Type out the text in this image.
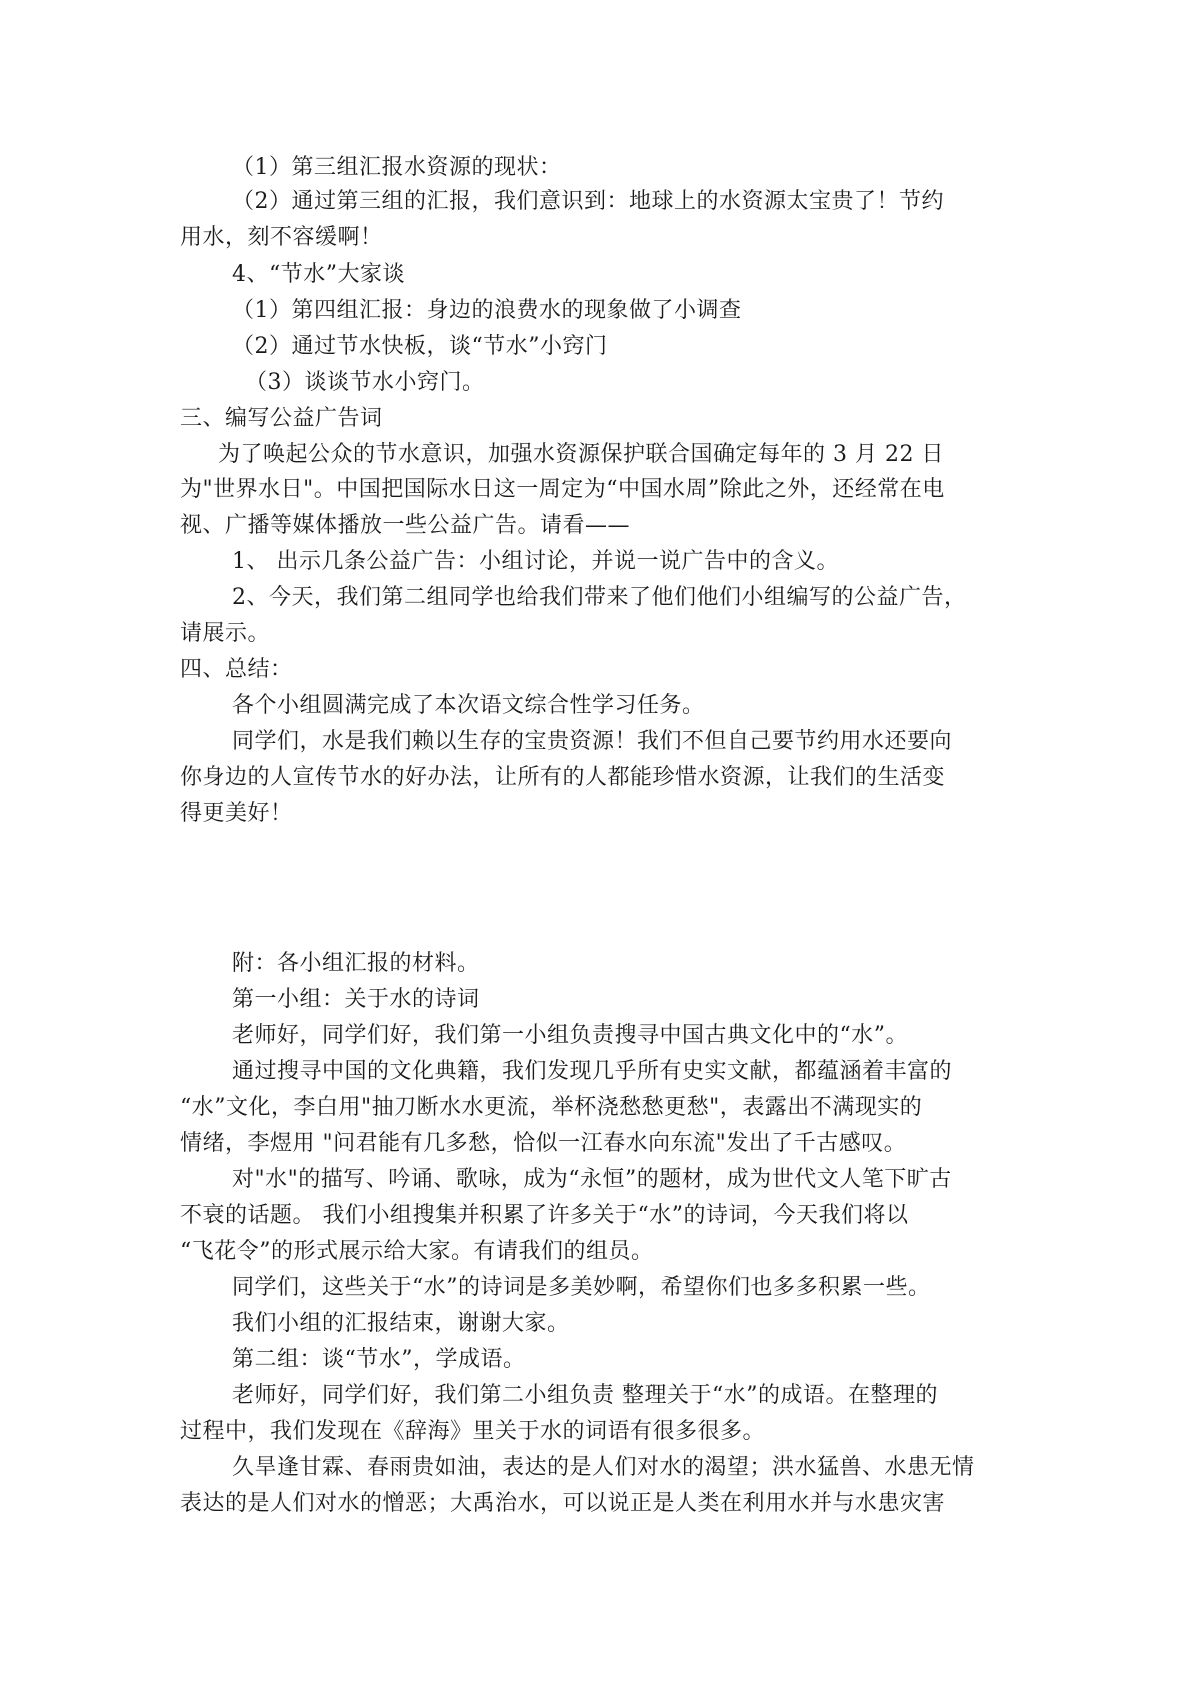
（1）第三组汇报水资源的现状：
（2）通过第三组的汇报，我们意识到：地球上的水资源太宝贵了！节约
用水，刻不容缓啊！
4、“节水”大家谈
（1）第四组汇报：身边的浪费水的现象做了小调查
（2）通过节水快板，谈“节水”小窍门
（3）谈谈节水小窍门。
三、编写公益广告词
为了唤起公众的节水意识，加强水资源保护联合国确定每年的 3 月 22 日
为"世界水日"。中国把国际水日这一周定为“中国水周”除此之外，还经常在电
视、广播等媒体播放一些公益广告。请看——
1、 出示几条公益广告：小组讨论，并说一说广告中的含义。
2、今天，我们第二组同学也给我们带来了他们他们小组编写的公益广告，
请展示。
四、总结：
各个小组圆满完成了本次语文综合性学习任务。
同学们，水是我们赖以生存的宝贵资源！我们不但自己要节约用水还要向
你身边的人宣传节水的好办法，让所有的人都能珍惜水资源，让我们的生活变
得更美好！
附：各小组汇报的材料。
第一小组：关于水的诗词
老师好，同学们好，我们第一小组负责搜寻中国古典文化中的“水”。
通过搜寻中国的文化典籍，我们发现几乎所有史实文献，都蕴涵着丰富的
“水”文化，李白用"抽刀断水水更流，举杯浇愁愁更愁"，表露出不满现实的
情绪，李煜用 "问君能有几多愁，恰似一江春水向东流"发出了千古感叹。
对"水"的描写、吟诵、歌咏，成为“永恒”的题材，成为世代文人笔下旷古
不衰的话题。 我们小组搜集并积累了许多关于“水”的诗词，今天我们将以
“飞花令”的形式展示给大家。有请我们的组员。
同学们，这些关于“水”的诗词是多美妙啊，希望你们也多多积累一些。
我们小组的汇报结束，谢谢大家。
第二组：谈“节水”，学成语。
老师好，同学们好，我们第二小组负责 整理关于“水”的成语。在整理的
过程中，我们发现在《辞海》里关于水的词语有很多很多。
久旱逢甘霖、春雨贵如油，表达的是人们对水的渴望；洪水猛兽、水患无情
表达的是人们对水的憎恶；大禹治水，可以说正是人类在利用水并与水患灾害
